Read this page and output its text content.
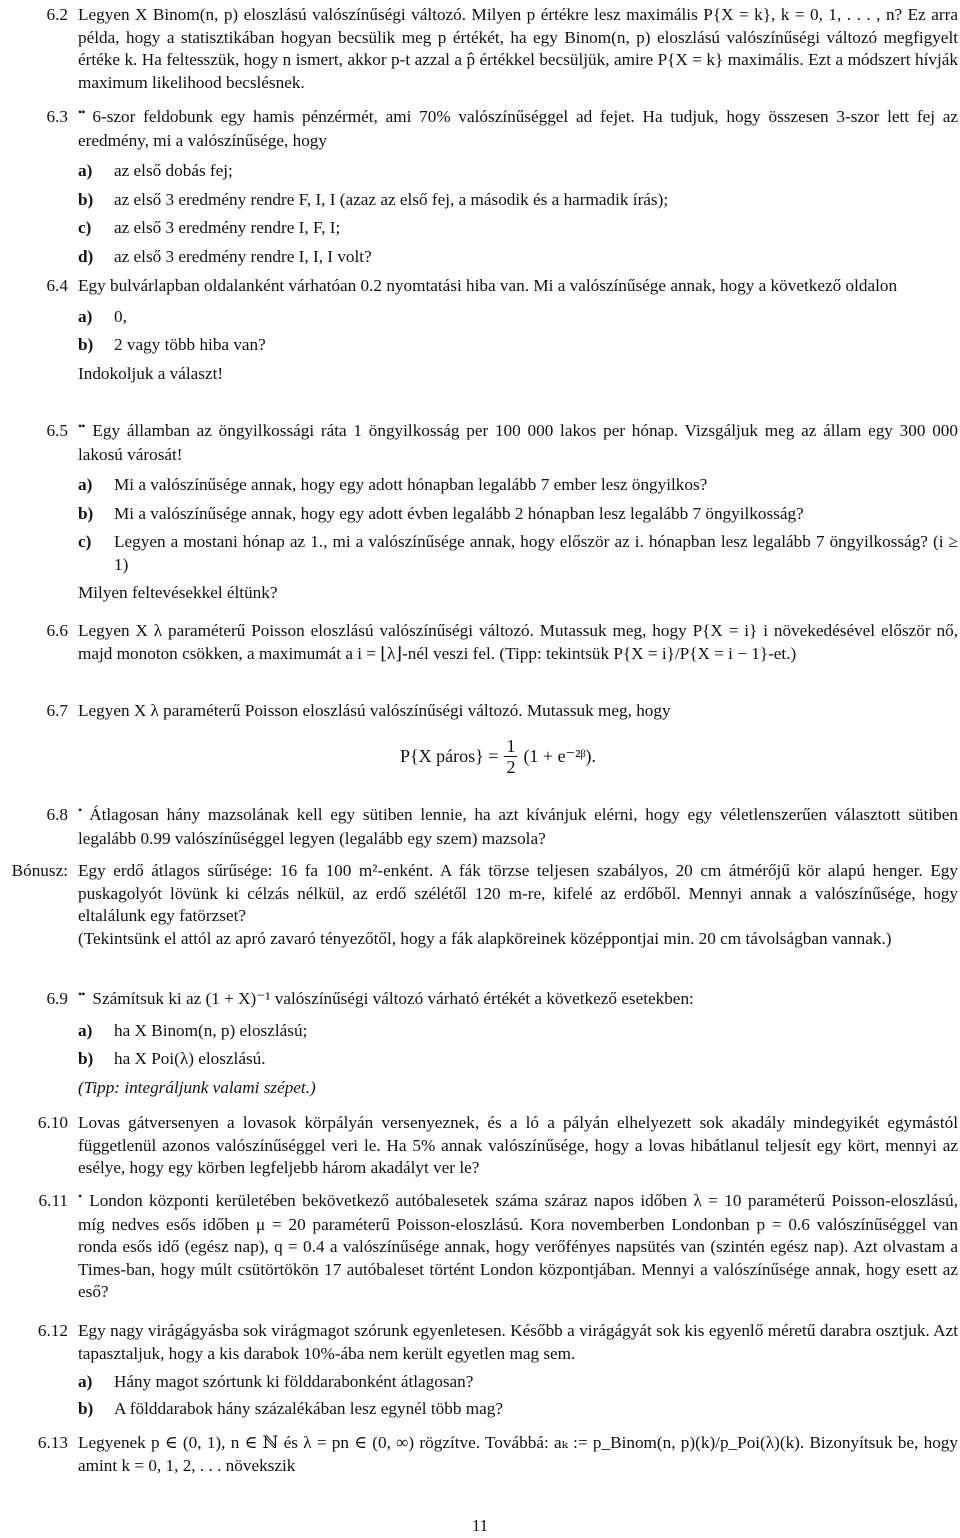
6.2 Legyen X Binom(n, p) eloszlású valószínűségi változó. Milyen p értékre lesz maximális P{X = k}, k = 0, 1, . . . , n? Ez arra példa, hogy a statisztikában hogyan becsülik meg p értékét, ha egy Binom(n, p) eloszlású valószínűségi változó megfigyelt értéke k. Ha feltesszük, hogy n ismert, akkor p-t azzal a p̂ értékkel becsüljük, amire P{X = k} maximális. Ezt a módszert hívják maximum likelihood becslésnek.

6.3 •• 6-szor feldobunk egy hamis pénzérmét, ami 70% valószínűséggel ad fejet. Ha tudjuk, hogy összesen 3-szor lett fej az eredmény, mi a valószínűsége, hogy

a)	az első dobás fej;
b)	az első 3 eredmény rendre F, I, I (azaz az első fej, a második és a harmadik írás);
c)	az első 3 eredmény rendre I, F, I;
d)	az első 3 eredmény rendre I, I, I volt?
6.4 Egy bulvárlapban oldalanként várhatóan 0.2 nyomtatási hiba van. Mi a valószínűsége annak, hogy a következő oldalon

a)	0,
b)	2 vagy több hiba van?

Indokoljuk a választ!

6.5 •• Egy államban az öngyilkossági ráta 1 öngyilkosság per 100 000 lakos per hónap. Vizsgáljuk meg az állam egy 300 000 lakosú városát!

a)	Mi a valószínűsége annak, hogy egy adott hónapban legalább 7 ember lesz öngyilkos?
b)	Mi a valószínűsége annak, hogy egy adott évben legalább 2 hónapban lesz legalább 7 öngyilkosság?
c)	Legyen a mostani hónap az 1., mi a valószínűsége annak, hogy először az i. hónapban lesz legalább 7 öngyilkosság? (i ≥ 1)

Milyen feltevésekkel éltünk?

6.6 Legyen X λ paraméterű Poisson eloszlású valószínűségi változó. Mutassuk meg, hogy P{X = i} i növekedésével először nő, majd monoton csökken, a maximumát a i = ⌊λ⌋-nél veszi fel. (Tipp: tekintsük P{X = i}/P{X = i − 1}-et.)

6.7 Legyen X λ paraméterű Poisson eloszlású valószínűségi változó. Mutassuk meg, hogy

P{X páros} = $\frac{1}{2} (1$ + e⁻²ᵝ).
6.8 • Átlagosan hány mazsolának kell egy sütiben lennie, ha azt kívánjuk elérni, hogy egy véletlenszerűen választott sütiben legalább 0.99 valószínűséggel legyen (legalább egy szem) mazsola?

Bónusz: Egy erdő átlagos sűrűsége: 16 fa 100 m²-enként. A fák törzse teljesen szabályos, 20 cm átmérőjű kör alapú henger. Egy puskagolyót lövünk ki célzás nélkül, az erdő szélétől 120 m-re, kifelé az erdőből. Mennyi annak a valószínűsége, hogy eltalálunk egy fatörzset?

(Tekintsünk el attól az apró zavaró tényezőtől, hogy a fák alapköreinek középpontjai min. 20 cm távolságban vannak.)

6.9 •• Számítsuk ki az (1 + X)⁻¹ valószínűségi változó várható értékét a következő esetekben:

a)	ha X Binom(n, p) eloszlású;
b)	ha X Poi(λ) eloszlású.

(Tipp: integráljunk valami szépet.)

6.10 Lovas gátversenyen a lovasok körpályán versenyeznek, és a ló a pályán elhelyezett sok akadály mindegyikét egymástól függetlenül azonos valószínűséggel veri le. Ha 5% annak valószínűsége, hogy a lovas hibátlanul teljesít egy kört, mennyi az esélye, hogy egy körben legfeljebb három akadályt ver le?

6.11 • London központi kerületében bekövetkező autóbalesetek száma száraz napos időben λ = 10 paraméterű Poisson-eloszlású, míg nedves esős időben μ = 20 paraméterű Poisson-eloszlású. Kora novemberben Londonban p = 0.6 valószínűséggel van ronda esős idő (egész nap), q = 0.4 a valószínűsége annak, hogy verőfényes napsütés van (szintén egész nap). Azt olvastam a Times-ban, hogy múlt csütörtökön 17 autóbaleset történt London központjában. Mennyi a valószínűsége annak, hogy esett az eső?

6.12 Egy nagy virágágyásba sok virágmagot szórunk egyenletesen. Később a virágágyát sok kis egyenlő méretű darabra osztjuk. Azt tapasztaljuk, hogy a kis darabok 10%-ába nem került egyetlen mag sem.

a)	Hány magot szórtunk ki földdarabonként átlagosan?
b)	A földdarabok hány százalékában lesz egynél több mag?
6.13 Legyenek p ∈ (0, 1), n ∈ ℕ és λ = pn ∈ (0, ∞) rögzítve. Továbbá: aₖ := p_Binom(n, p)(k)/p_Poi(λ)(k). Bizonyítsuk be, hogy amint k = 0, 1, 2, . . . növekszik

11
